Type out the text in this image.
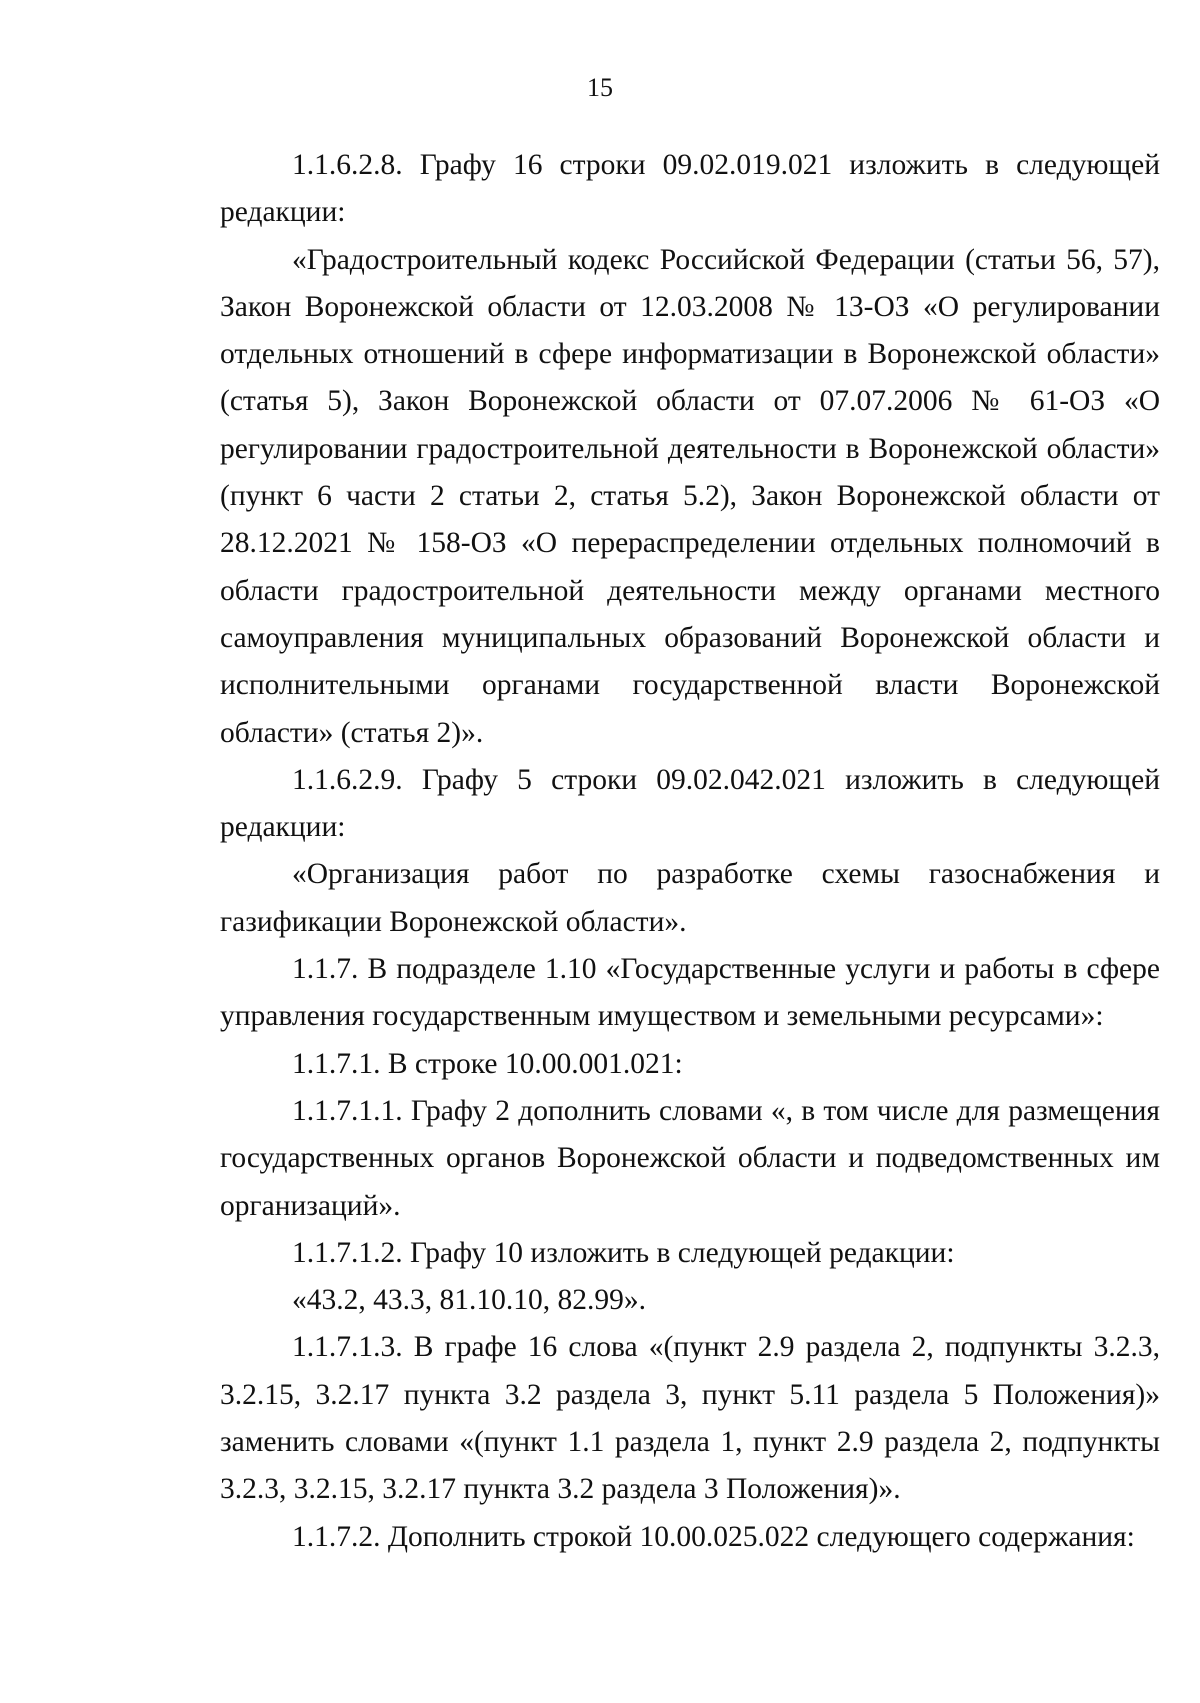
15

1.1.6.2.8. Графу 16 строки 09.02.019.021 изложить в следующей редакции:

«Градостроительный кодекс Российской Федерации (статьи 56, 57), Закон Воронежской области от 12.03.2008 № 13-ОЗ «О регулировании отдельных отношений в сфере информатизации в Воронежской области» (статья 5), Закон Воронежской области от 07.07.2006 № 61-ОЗ «О регулировании градостроительной деятельности в Воронежской области» (пункт 6 части 2 статьи 2, статья 5.2), Закон Воронежской области от 28.12.2021 № 158-ОЗ «О перераспределении отдельных полномочий в области градостроительной деятельности между органами местного самоуправления муниципальных образований Воронежской области и исполнительными органами государственной власти Воронежской области» (статья 2)».

1.1.6.2.9. Графу 5 строки 09.02.042.021 изложить в следующей редакции:

«Организация работ по разработке схемы газоснабжения и газификации Воронежской области».

1.1.7. В подразделе 1.10 «Государственные услуги и работы в сфере управления государственным имуществом и земельными ресурсами»:

1.1.7.1. В строке 10.00.001.021:

1.1.7.1.1. Графу 2 дополнить словами «, в том числе для размещения государственных органов Воронежской области и подведомственных им организаций».

1.1.7.1.2. Графу 10 изложить в следующей редакции:

«43.2, 43.3, 81.10.10, 82.99».

1.1.7.1.3. В графе 16 слова «(пункт 2.9 раздела 2, подпункты 3.2.3, 3.2.15, 3.2.17 пункта 3.2 раздела 3, пункт 5.11 раздела 5 Положения)» заменить словами «(пункт 1.1 раздела 1, пункт 2.9 раздела 2, подпункты 3.2.3, 3.2.15, 3.2.17 пункта 3.2 раздела 3 Положения)».

1.1.7.2. Дополнить строкой 10.00.025.022 следующего содержания:
